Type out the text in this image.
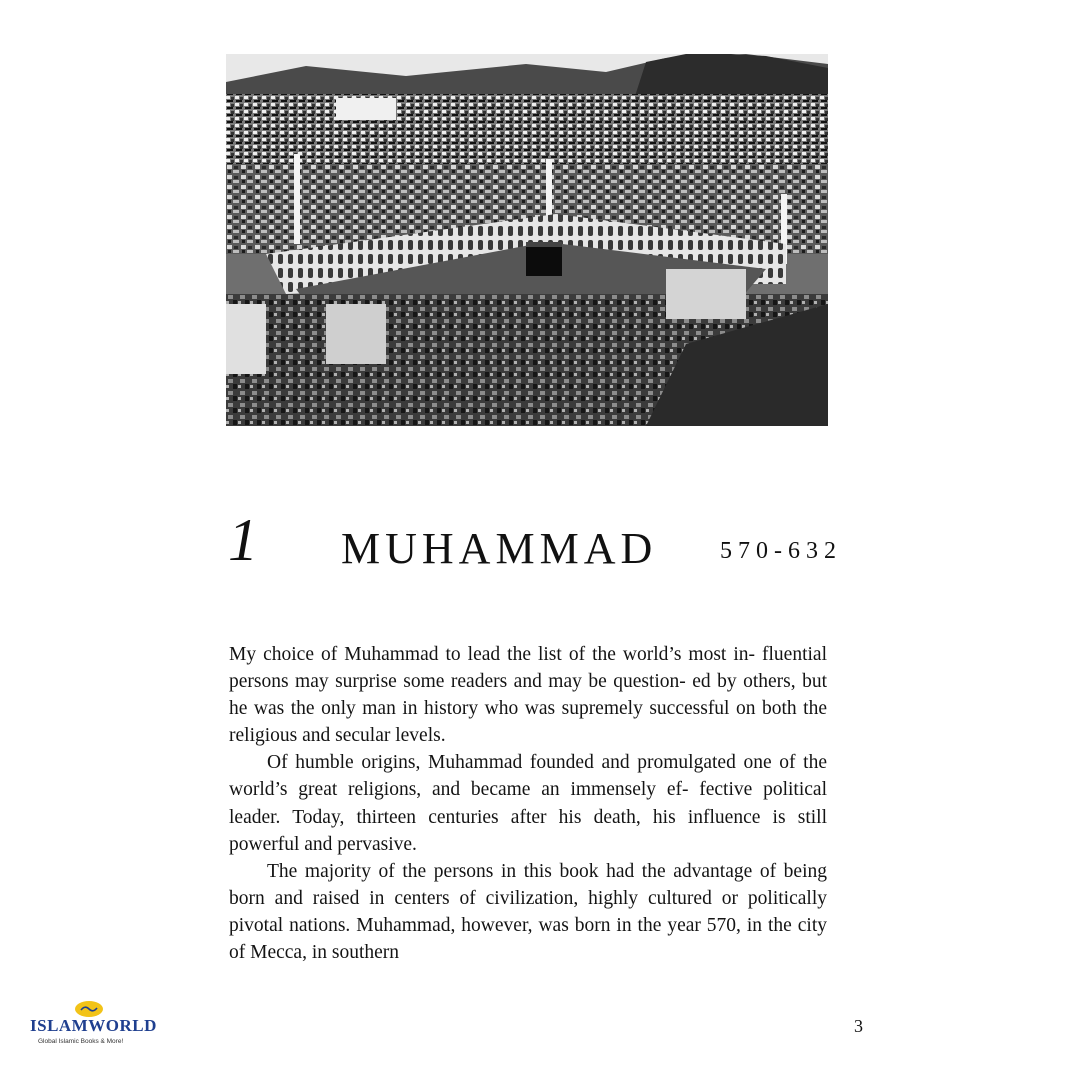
1 MUHAMMAD	570-632

My choice of Muhammad to lead the list of the world’s most in- fluential persons may surprise some readers and may be question- ed by others, but he was the only man in history who was supremely successful on both the religious and secular levels.

Of humble origins, Muhammad founded and promulgated one of the world’s great religions, and became an immensely ef- fective political leader. Today, thirteen centuries after his death, his influence is still powerful and pervasive.

The majority of the persons in this book had the advantage of being born and raised in centers of civilization, highly cultured or politically pivotal nations. Muhammad, however, was born in the year 570, in the city of Mecca, in southern

3
ISLAMWORLD
Global Islamic Books & More!
